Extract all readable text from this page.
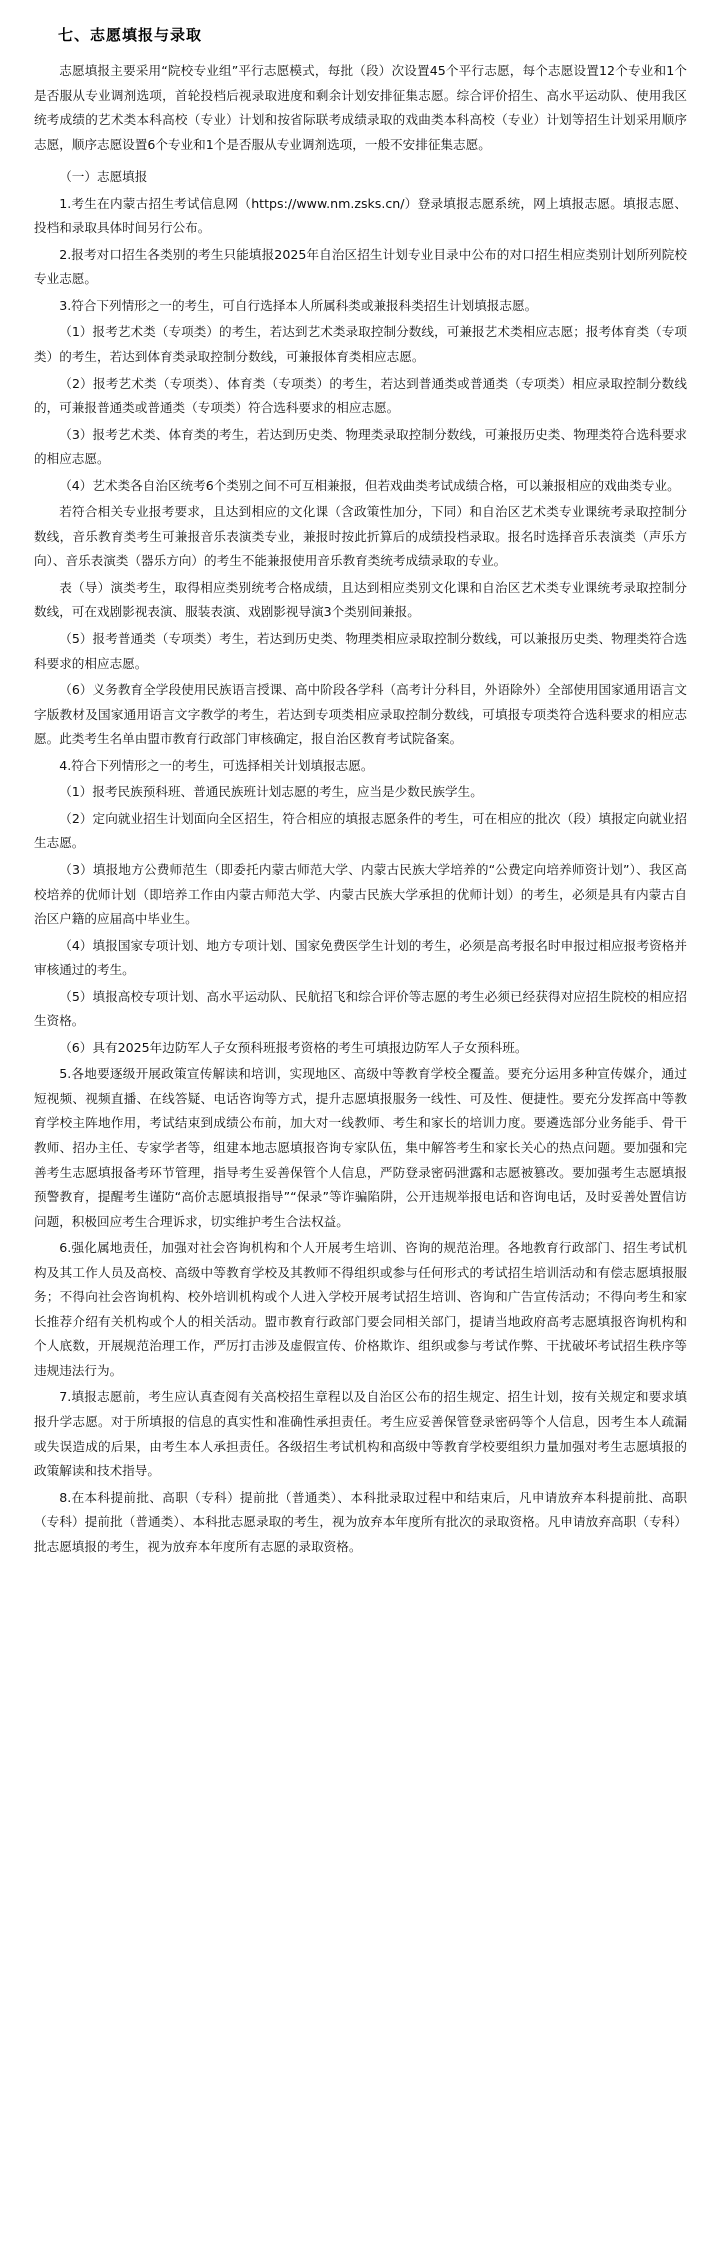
七、志愿填报与录取

志愿填报主要采用“院校专业组”平行志愿模式，每批（段）次设置45个平行志愿，每个志愿设置12个专业和1个是否服从专业调剂选项，首轮投档后视录取进度和剩余计划安排征集志愿。综合评价招生、高水平运动队、使用我区统考成绩的艺术类本科高校（专业）计划和按省际联考成绩录取的戏曲类本科高校（专业）计划等招生计划采用顺序志愿，顺序志愿设置6个专业和1个是否服从专业调剂选项，一般不安排征集志愿。

（一）志愿填报

1.考生在内蒙古招生考试信息网（https://www.nm.zsks.cn/）登录填报志愿系统，网上填报志愿。填报志愿、投档和录取具体时间另行公布。

2.报考对口招生各类别的考生只能填报2025年自治区招生计划专业目录中公布的对口招生相应类别计划所列院校专业志愿。

3.符合下列情形之一的考生，可自行选择本人所属科类或兼报科类招生计划填报志愿。

（1）报考艺术类（专项类）的考生，若达到艺术类录取控制分数线，可兼报艺术类相应志愿；报考体育类（专项类）的考生，若达到体育类录取控制分数线，可兼报体育类相应志愿。

（2）报考艺术类（专项类）、体育类（专项类）的考生，若达到普通类或普通类（专项类）相应录取控制分数线的，可兼报普通类或普通类（专项类）符合选科要求的相应志愿。

（3）报考艺术类、体育类的考生，若达到历史类、物理类录取控制分数线，可兼报历史类、物理类符合选科要求的相应志愿。

（4）艺术类各自治区统考6个类别之间不可互相兼报，但若戏曲类考试成绩合格，可以兼报相应的戏曲类专业。

若符合相关专业报考要求，且达到相应的文化课（含政策性加分，下同）和自治区艺术类专业课统考录取控制分数线，音乐教育类考生可兼报音乐表演类专业，兼报时按此折算后的成绩投档录取。报名时选择音乐表演类（声乐方向）、音乐表演类（器乐方向）的考生不能兼报使用音乐教育类统考成绩录取的专业。

表（导）演类考生，取得相应类别统考合格成绩，且达到相应类别文化课和自治区艺术类专业课统考录取控制分数线，可在戏剧影视表演、服装表演、戏剧影视导演3个类别间兼报。

（5）报考普通类（专项类）考生，若达到历史类、物理类相应录取控制分数线，可以兼报历史类、物理类符合选科要求的相应志愿。

（6）义务教育全学段使用民族语言授课、高中阶段各学科（高考计分科目，外语除外）全部使用国家通用语言文字版教材及国家通用语言文字教学的考生，若达到专项类相应录取控制分数线，可填报专项类符合选科要求的相应志愿。此类考生名单由盟市教育行政部门审核确定，报自治区教育考试院备案。

4.符合下列情形之一的考生，可选择相关计划填报志愿。

（1）报考民族预科班、普通民族班计划志愿的考生，应当是少数民族学生。

（2）定向就业招生计划面向全区招生，符合相应的填报志愿条件的考生，可在相应的批次（段）填报定向就业招生志愿。

（3）填报地方公费师范生（即委托内蒙古师范大学、内蒙古民族大学培养的“公费定向培养师资计划”）、我区高校培养的优师计划（即培养工作由内蒙古师范大学、内蒙古民族大学承担的优师计划）的考生，必须是具有内蒙古自治区户籍的应届高中毕业生。

（4）填报国家专项计划、地方专项计划、国家免费医学生计划的考生，必须是高考报名时申报过相应报考资格并审核通过的考生。

（5）填报高校专项计划、高水平运动队、民航招飞和综合评价等志愿的考生必须已经获得对应招生院校的相应招生资格。

（6）具有2025年边防军人子女预科班报考资格的考生可填报边防军人子女预科班。

5.各地要逐级开展政策宣传解读和培训，实现地区、高级中等教育学校全覆盖。要充分运用多种宣传媒介，通过短视频、视频直播、在线答疑、电话咨询等方式，提升志愿填报服务一线性、可及性、便捷性。要充分发挥高中等教育学校主阵地作用，考试结束到成绩公布前，加大对一线教师、考生和家长的培训力度。要遴选部分业务能手、骨干教师、招办主任、专家学者等，组建本地志愿填报咨询专家队伍，集中解答考生和家长关心的热点问题。要加强和完善考生志愿填报备考环节管理，指导考生妥善保管个人信息，严防登录密码泄露和志愿被篡改。要加强考生志愿填报预警教育，提醒考生谨防“高价志愿填报指导”“保录”等诈骗陷阱，公开违规举报电话和咨询电话，及时妥善处置信访问题，积极回应考生合理诉求，切实维护考生合法权益。

6.强化属地责任，加强对社会咨询机构和个人开展考生培训、咨询的规范治理。各地教育行政部门、招生考试机构及其工作人员及高校、高级中等教育学校及其教师不得组织或参与任何形式的考试招生培训活动和有偿志愿填报服务；不得向社会咨询机构、校外培训机构或个人进入学校开展考试招生培训、咨询和广告宣传活动；不得向考生和家长推荐介绍有关机构或个人的相关活动。盟市教育行政部门要会同相关部门，提请当地政府高考志愿填报咨询机构和个人底数，开展规范治理工作，严厉打击涉及虚假宣传、价格欺诈、组织或参与考试作弊、干扰破坏考试招生秩序等违规违法行为。

7.填报志愿前，考生应认真查阅有关高校招生章程以及自治区公布的招生规定、招生计划，按有关规定和要求填报升学志愿。对于所填报的信息的真实性和准确性承担责任。考生应妥善保管登录密码等个人信息，因考生本人疏漏或失误造成的后果，由考生本人承担责任。各级招生考试机构和高级中等教育学校要组织力量加强对考生志愿填报的政策解读和技术指导。

8.在本科提前批、高职（专科）提前批（普通类）、本科批录取过程中和结束后，凡申请放弃本科提前批、高职（专科）提前批（普通类）、本科批志愿录取的考生，视为放弃本年度所有批次的录取资格。凡申请放弃高职（专科）批志愿填报的考生，视为放弃本年度所有志愿的录取资格。
